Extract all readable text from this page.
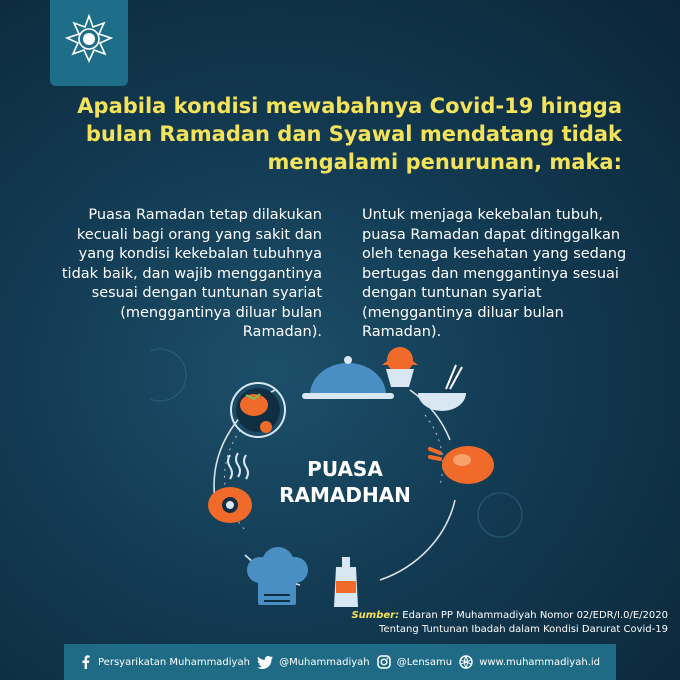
Apabila kondisi mewabahnya Covid-19 hingga bulan Ramadan dan Syawal mendatang tidak mengalami penurunan, maka:
Puasa Ramadan tetap dilakukan kecuali bagi orang yang sakit dan yang kondisi kekebalan tubuhnya tidak baik, dan wajib menggantinya sesuai dengan tuntunan syariat (menggantinya diluar bulan Ramadan).
Untuk menjaga kekebalan tubuh, puasa Ramadan dapat ditinggalkan oleh tenaga kesehatan yang sedang bertugas dan menggantinya sesuai dengan tuntunan syariat (menggantinya diluar bulan Ramadan).
PUASA
RAMADHAN
Sumber: Edaran PP Muhammadiyah Nomor 02/EDR/I.0/E/2020 Tentang Tuntunan Ibadah dalam Kondisi Darurat Covid-19
Persyarikatan Muhammadiyah	@Muhammadiyah	@Lensamu	www.muhammadiyah.id
